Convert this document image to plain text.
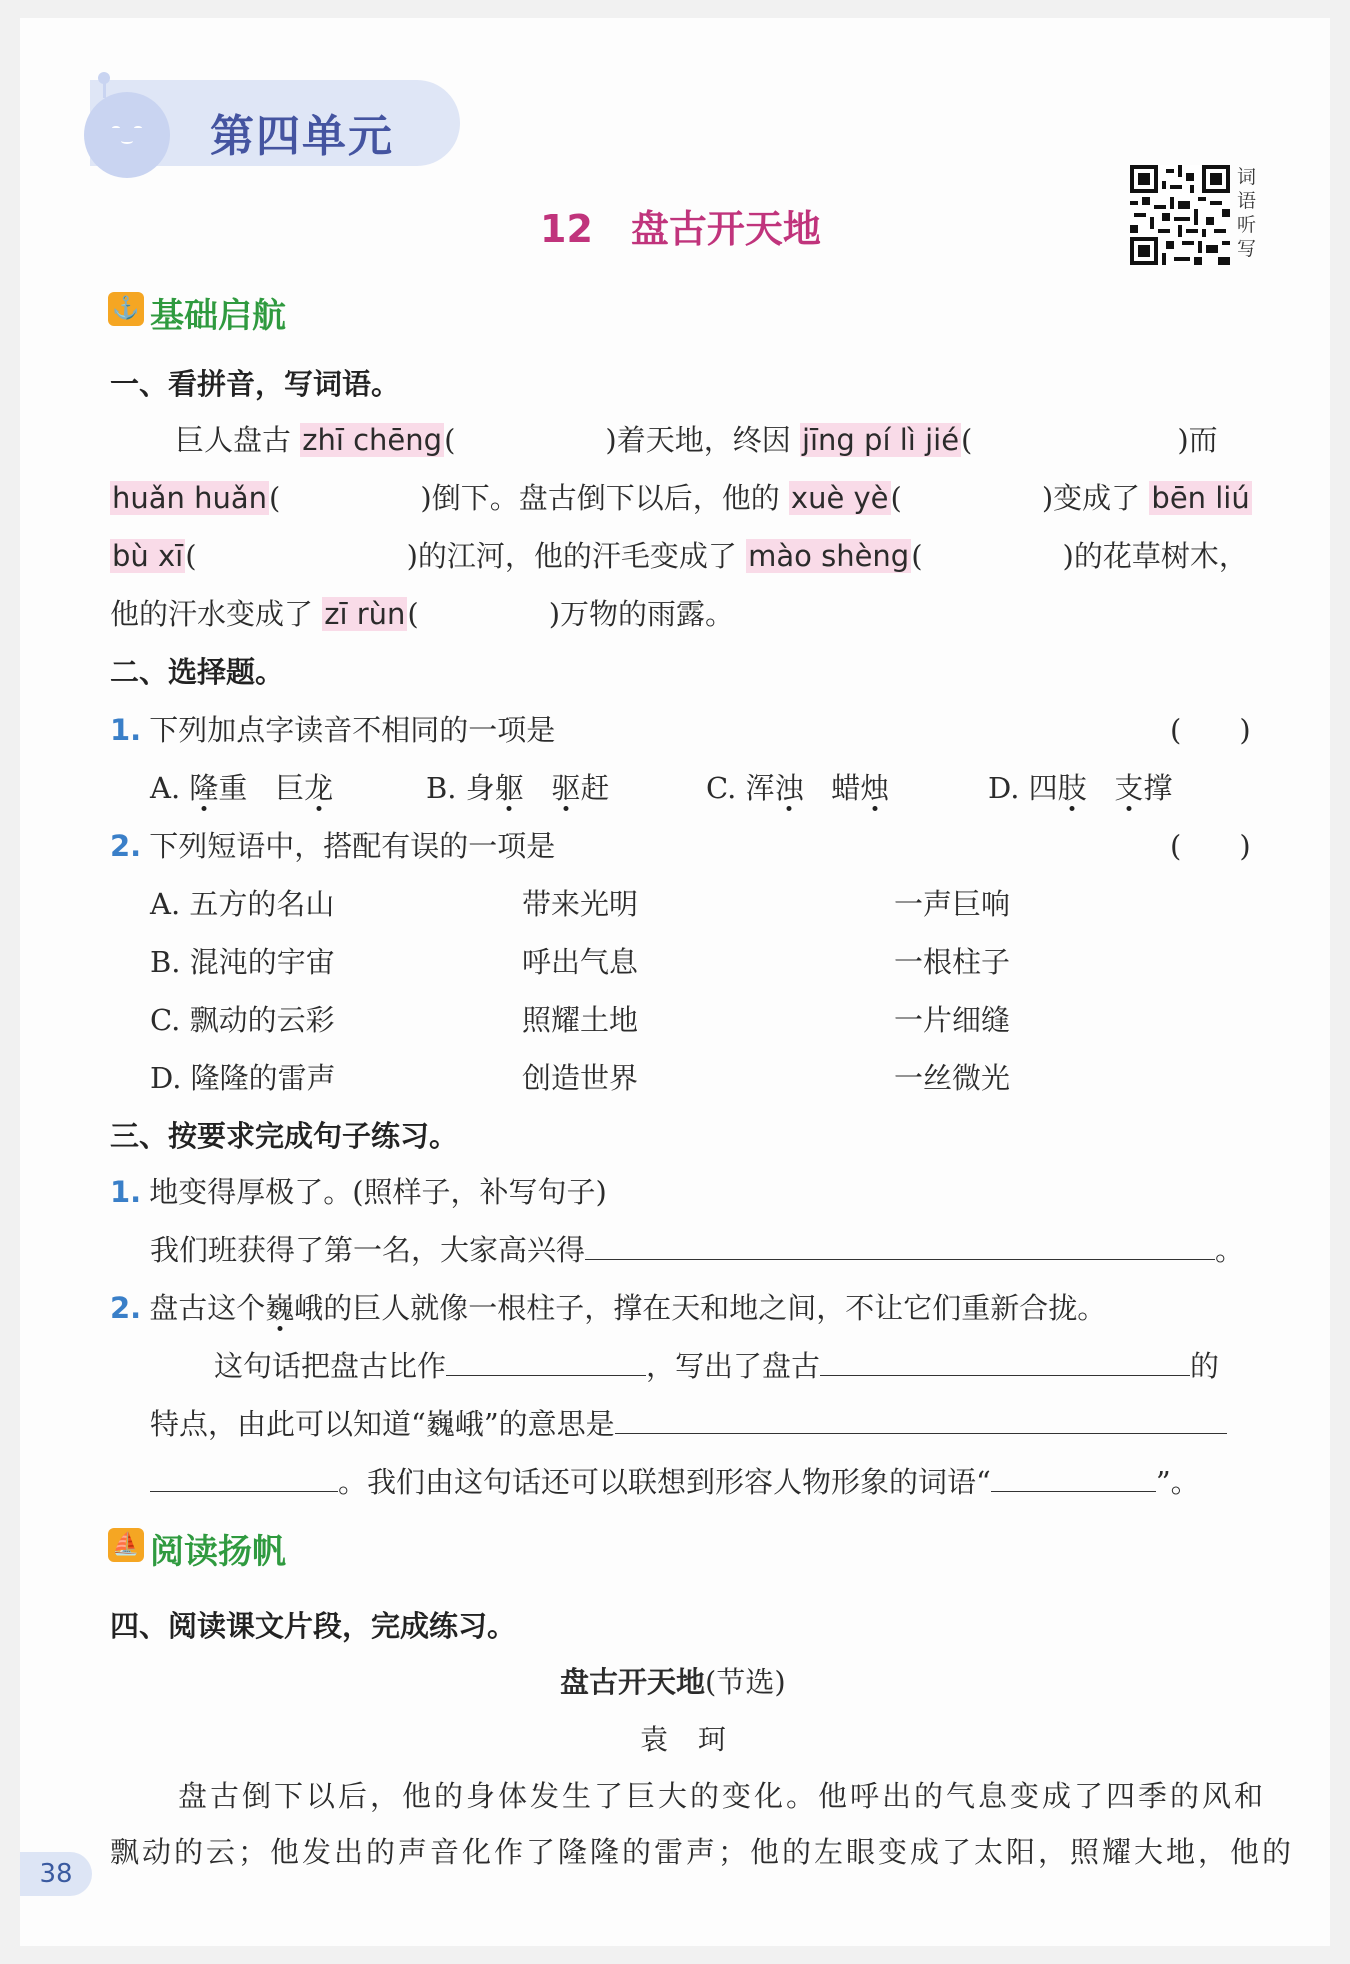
第四单元
12 盘古开天地
词
语
听
写
⚓ 基础启航
一、看拼音，写词语。
巨人盘古 zhī chēng(	)着天地，终因 jīng pí lì jié(	)而
huǎn huǎn(	)倒下。盘古倒下以后，他的 xuè yè(	)变成了 bēn liú
bù xī(	)的江河，他的汗毛变成了 mào shèng(	)的花草树木，
他的汗水变成了 zī rùn(	)万物的雨露。
二、选择题。
1. 下列加点字读音不相同的一项是	(　　)
A. 隆重 巨龙	B. 身躯 驱赶	C. 浑浊 蜡烛	D. 四肢 支撑
2. 下列短语中，搭配有误的一项是	(　　)
A. 五方的名山	带来光明	一声巨响
B. 混沌的宇宙	呼出气息	一根柱子
C. 飘动的云彩	照耀土地	一片细缝
D. 隆隆的雷声	创造世界	一丝微光
三、按要求完成句子练习。
1. 地变得厚极了。(照样子，补写句子)
我们班获得了第一名，大家高兴得	。
2. 盘古这个巍峨的巨人就像一根柱子，撑在天和地之间，不让它们重新合拢。
这句话把盘古比作	，写出了盘古	的
特点，由此可以知道“巍峨”的意思是
。我们由这句话还可以联想到形容人物形象的词语“	”。
⛵ 阅读扬帆
四、阅读课文片段，完成练习。
盘古开天地(节选)
袁珂
盘古倒下以后，他的身体发生了巨大的变化。他呼出的气息变成了四季的风和
飘动的云；他发出的声音化作了隆隆的雷声；他的左眼变成了太阳，照耀大地，他的
38
